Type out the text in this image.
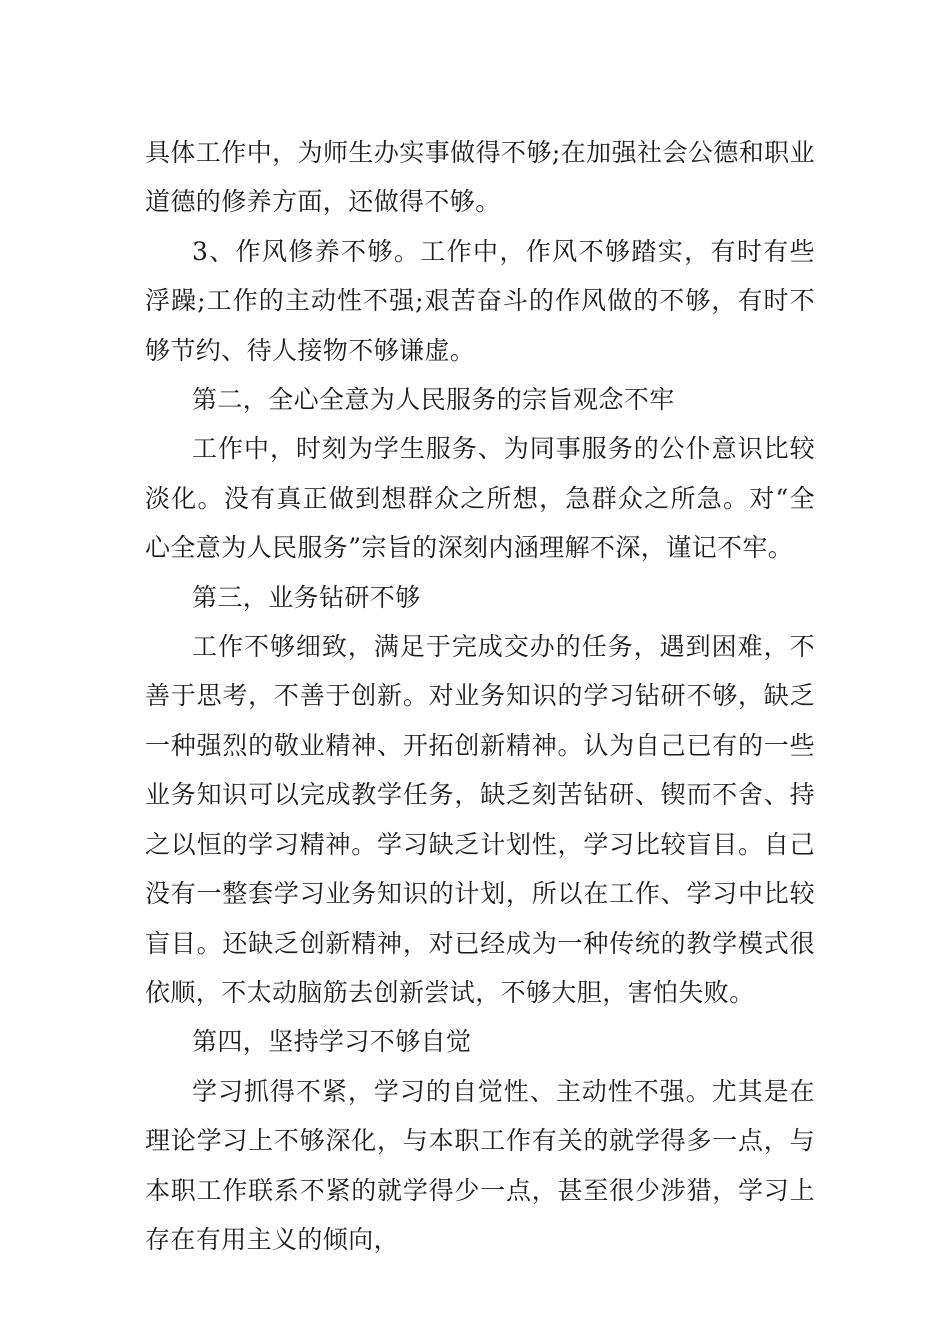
具体工作中，为师生办实事做得不够;在加强社会公德和职业道德的修养方面，还做得不够。

3、作风修养不够。工作中，作风不够踏实，有时有些浮躁;工作的主动性不强;艰苦奋斗的作风做的不够，有时不够节约、待人接物不够谦虚。

第二，全心全意为人民服务的宗旨观念不牢

工作中，时刻为学生服务、为同事服务的公仆意识比较淡化。没有真正做到想群众之所想，急群众之所急。对“全心全意为人民服务”宗旨的深刻内涵理解不深，谨记不牢。

第三，业务钻研不够

工作不够细致，满足于完成交办的任务，遇到困难，不善于思考，不善于创新。对业务知识的学习钻研不够，缺乏一种强烈的敬业精神、开拓创新精神。认为自己已有的一些业务知识可以完成教学任务，缺乏刻苦钻研、锲而不舍、持之以恒的学习精神。学习缺乏计划性，学习比较盲目。自己没有一整套学习业务知识的计划，所以在工作、学习中比较盲目。还缺乏创新精神，对已经成为一种传统的教学模式很依顺，不太动脑筋去创新尝试，不够大胆，害怕失败。

第四，坚持学习不够自觉

学习抓得不紧，学习的自觉性、主动性不强。尤其是在理论学习上不够深化，与本职工作有关的就学得多一点，与本职工作联系不紧的就学得少一点，甚至很少涉猎，学习上存在有用主义的倾向，
